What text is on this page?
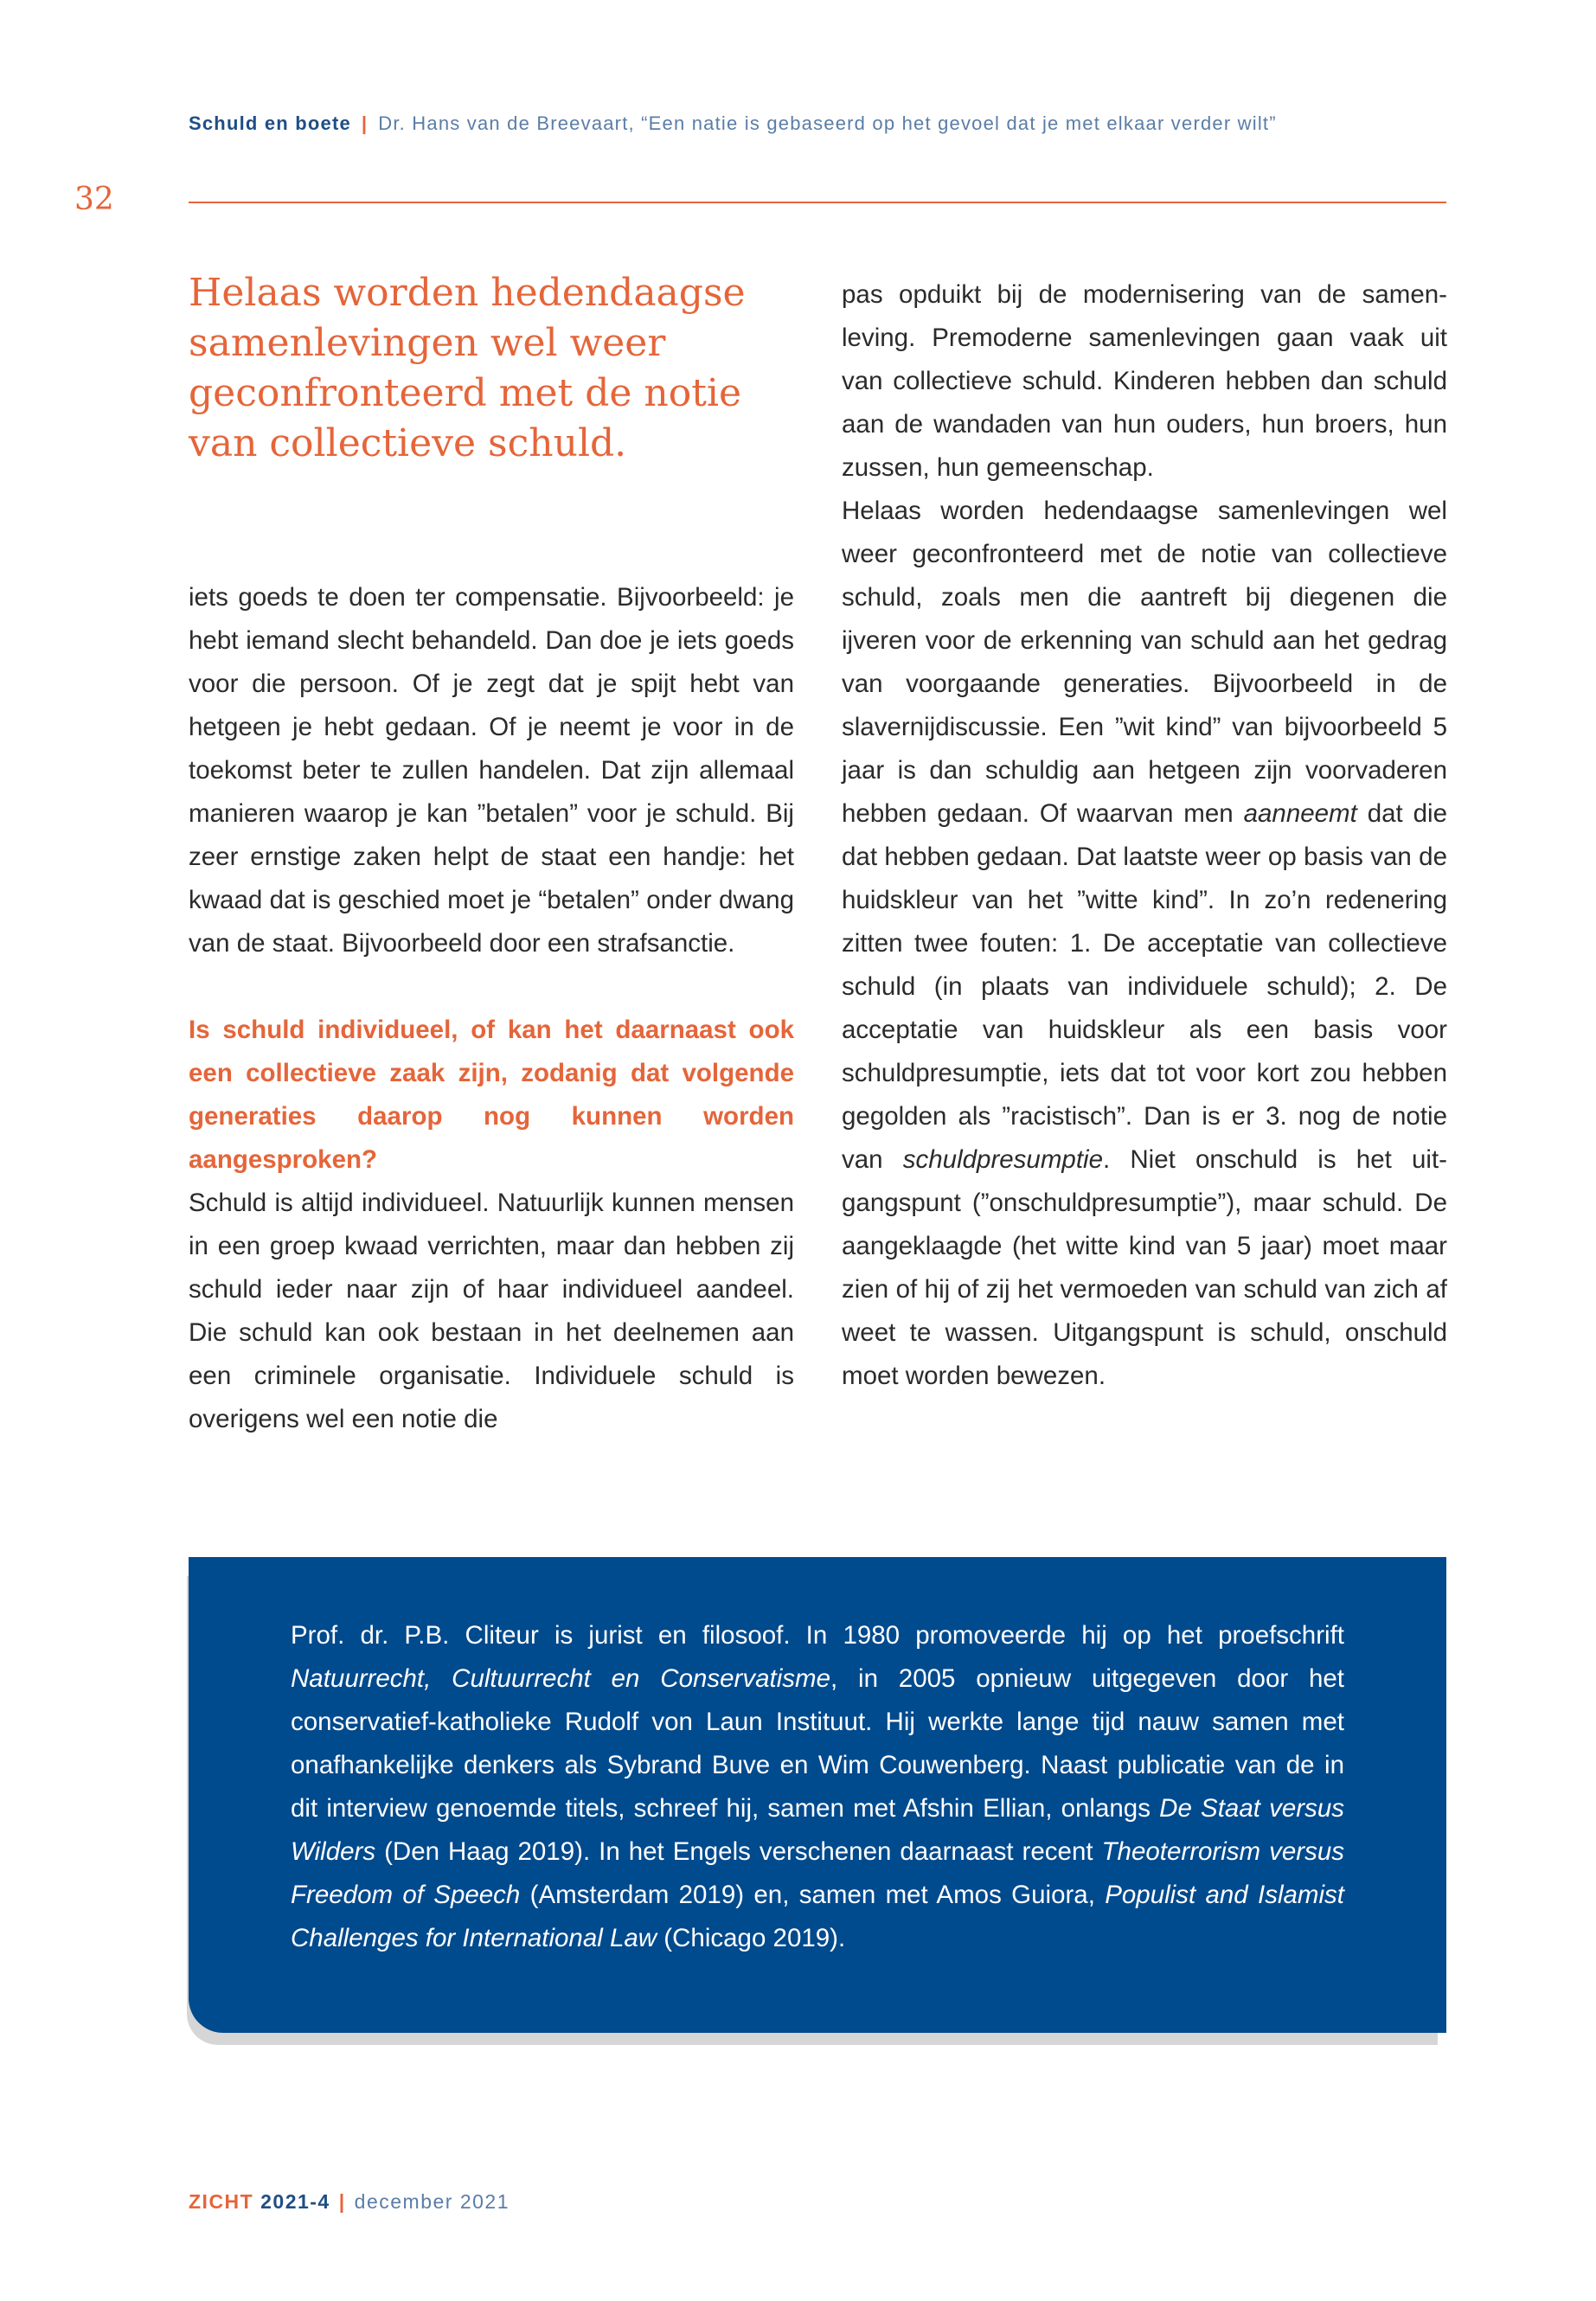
Schuld en boete | Dr. Hans van de Breevaart, “Een natie is gebaseerd op het gevoel dat je met elkaar verder wilt”
32
Helaas worden hedendaagse samenlevingen wel weer geconfronteerd met de notie van collectieve schuld.

iets goeds te doen ter compensatie. Bijvoorbeeld: je hebt iemand slecht behandeld. Dan doe je iets goeds voor die persoon. Of je zegt dat je spijt hebt van hetgeen je hebt gedaan. Of je neemt je voor in de toekomst beter te zullen handelen. Dat zijn allemaal manieren waarop je kan ”betalen” voor je schuld. Bij zeer ernstige zaken helpt de staat een handje: het kwaad dat is geschied moet je “betalen” onder dwang van de staat. Bijvoorbeeld door een strafsanctie.

Is schuld individueel, of kan het daarnaast ook een collectieve zaak zijn, zodanig dat volgende generaties daarop nog kunnen worden aangesproken?

Schuld is altijd individueel. Natuurlijk kunnen mensen in een groep kwaad verrichten, maar dan hebben zij schuld ieder naar zijn of haar individueel aandeel. Die schuld kan ook bestaan in het deelnemen aan een criminele organisatie. Individuele schuld is overigens wel een notie die

pas opduikt bij de modernisering van de samenleving. Premoderne samenlevingen gaan vaak uit van collectieve schuld. Kinderen hebben dan schuld aan de wandaden van hun ouders, hun broers, hun zussen, hun gemeenschap.

Helaas worden hedendaagse samenlevingen wel weer geconfronteerd met de notie van collectieve schuld, zoals men die aantreft bij diegenen die ijveren voor de erkenning van schuld aan het gedrag van voorgaande generaties. Bijvoorbeeld in de slavernijdiscussie. Een ”wit kind” van bijvoorbeeld 5 jaar is dan schuldig aan hetgeen zijn voorvaderen hebben gedaan. Of waarvan men aanneemt dat die dat hebben gedaan. Dat laatste weer op basis van de huidskleur van het ”witte kind”. In zo’n redenering zitten twee fouten: 1. De acceptatie van collectieve schuld (in plaats van individuele schuld); 2. De acceptatie van huidskleur als een basis voor schuldpresumptie, iets dat tot voor kort zou hebben gegolden als ”racistisch”. Dan is er 3. nog de notie van schuldpresumptie. Niet onschuld is het uitgangspunt (”onschuldpresumptie”), maar schuld. De aangeklaagde (het witte kind van 5 jaar) moet maar zien of hij of zij het vermoeden van schuld van zich af weet te wassen. Uitgangspunt is schuld, onschuld moet worden bewezen.

Prof. dr. P.B. Cliteur is jurist en filosoof. In 1980 promoveerde hij op het proefschrift Natuurrecht, Cultuurrecht en Conservatisme, in 2005 opnieuw uitgegeven door het conservatief-katholieke Rudolf von Laun Instituut. Hij werkte lange tijd nauw samen met onafhankelijke denkers als Sybrand Buve en Wim Couwenberg. Naast publicatie van de in dit interview genoemde titels, schreef hij, samen met Afshin Ellian, onlangs De Staat versus Wilders (Den Haag 2019). In het Engels verschenen daarnaast recent Theoterrorism versus Freedom of Speech (Amsterdam 2019) en, samen met Amos Guiora, Populist and Islamist Challenges for International Law (Chicago 2019).

ZICHT 2021-4 | december 2021
